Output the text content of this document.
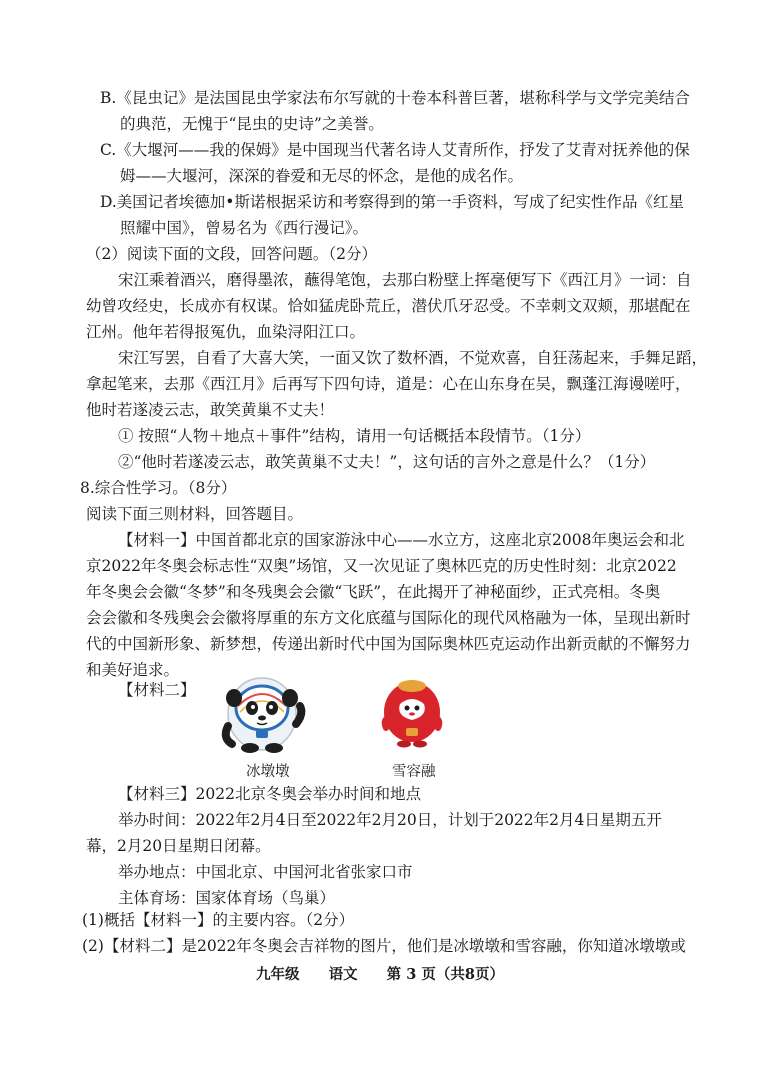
B.《昆虫记》是法国昆虫学家法布尔写就的十卷本科普巨著，堪称科学与文学完美结合
的典范，无愧于“昆虫的史诗”之美誉。
C.《大堰河——我的保姆》是中国现当代著名诗人艾青所作，抒发了艾青对抚养他的保
姆——大堰河，深深的眷爱和无尽的怀念，是他的成名作。
D.美国记者埃德加•斯诺根据采访和考察得到的第一手资料，写成了纪实性作品《红星
照耀中国》，曾易名为《西行漫记》。
（2）阅读下面的文段，回答问题。（2分）
宋江乘着酒兴，磨得墨浓，蘸得笔饱，去那白粉壁上挥毫便写下《西江月》一词：自
幼曾攻经史，长成亦有权谋。恰如猛虎卧荒丘，潜伏爪牙忍受。不幸刺文双颊，那堪配在
江州。他年若得报冤仇，血染浔阳江口。
宋江写罢，自看了大喜大笑，一面又饮了数杯酒，不觉欢喜，自狂荡起来，手舞足蹈，
拿起笔来，去那《西江月》后再写下四句诗，道是：心在山东身在吴，飘蓬江海谩嗟吁，
他时若遂凌云志，敢笑黄巢不丈夫！
① 按照“人物＋地点＋事件”结构，请用一句话概括本段情节。（1分）
②“他时若遂凌云志，敢笑黄巢不丈夫！”，这句话的言外之意是什么？（1分）
8.综合性学习。（8分）
阅读下面三则材料，回答题目。
【材料一】中国首都北京的国家游泳中心——水立方，这座北京2008年奥运会和北
京2022年冬奥会标志性“双奥”场馆，又一次见证了奥林匹克的历史性时刻：北京2022
年冬奥会会徽“冬梦”和冬残奥会会徽“飞跃”，在此揭开了神秘面纱，正式亮相。冬奥
会会徽和冬残奥会会徽将厚重的东方文化底蕴与国际化的现代风格融为一体，呈现出新时
代的中国新形象、新梦想，传递出新时代中国为国际奥林匹克运动作出新贡献的不懈努力
和美好追求。
【材料二】
冰墩墩	雪容融
【材料三】2022北京冬奥会举办时间和地点
举办时间：2022年2月4日至2022年2月20日，计划于2022年2月4日星期五开
幕，2月20日星期日闭幕。
举办地点：中国北京、中国河北省张家口市
主体育场：国家体育场（鸟巢）
(1)概括【材料一】的主要内容。（2分）
(2)【材料二】是2022年冬奥会吉祥物的图片，他们是冰墩墩和雪容融，你知道冰墩墩或
九年级 语文 第 3 页（共8页）
